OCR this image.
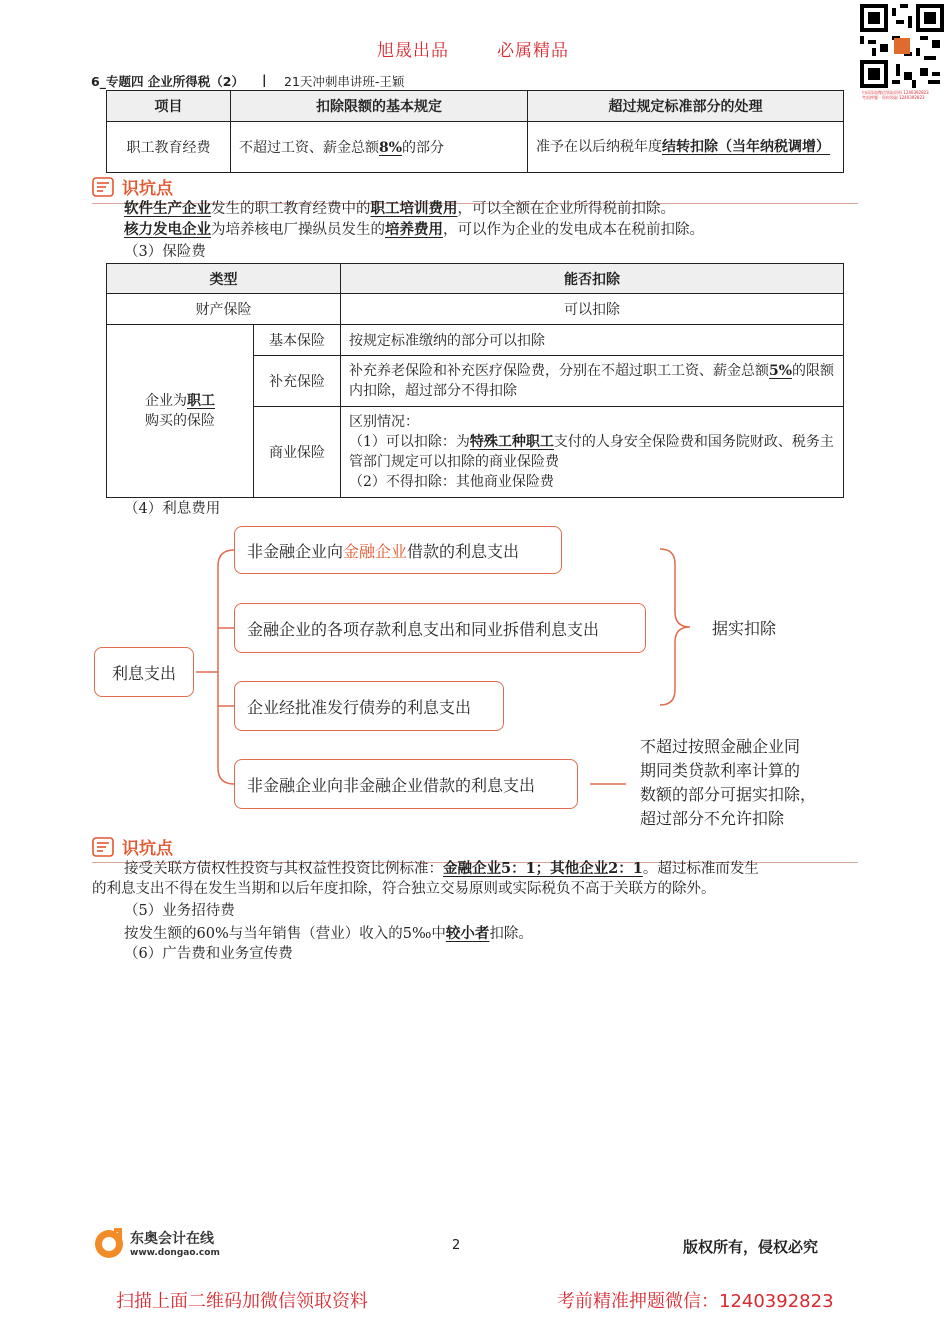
旭晟出品	必属精品
扫码添加微信领取资料 1240392823
考前押题 · 资料领取 1240392823
6_专题四 企业所得税（2） | 21天冲刺串讲班-王颖
项目	扣除限额的基本规定	超过规定标准部分的处理
职工教育经费	不超过工资、薪金总额8%的部分	准予在以后纳税年度结转扣除（当年纳税调增）
识坑点
软件生产企业发生的职工教育经费中的职工培训费用，可以全额在企业所得税前扣除。
核力发电企业为培养核电厂操纵员发生的培养费用，可以作为企业的发电成本在税前扣除。
（3）保险费
类型		能否扣除
财产保险		可以扣除
企业为职工
购买的保险	基本保险	按规定标准缴纳的部分可以扣除
	补充保险	补充养老保险和补充医疗保险费，分别在不超过职工工资、薪金总额5%的限额内扣除，超过部分不得扣除
	商业保险	区别情况：
（1）可以扣除：为特殊工种职工支付的人身安全保险费和国务院财政、税务主管部门规定可以扣除的商业保险费
（2）不得扣除：其他商业保险费
（4）利息费用
利息支出
非金融企业向 金融企业 借款的利息支出
金融企业的各项存款利息支出和同业拆借利息支出
企业经批准发行债券的利息支出
非金融企业向非金融企业借款的利息支出
据实扣除
不超过按照金融企业同
期同类贷款利率计算的
数额的部分可据实扣除，
超过部分不允许扣除
识坑点
接受关联方债权性投资与其权益性投资比例标准：金融企业5：1；其他企业2：1。超过标准而发生
的利息支出不得在发生当期和以后年度扣除，符合独立交易原则或实际税负不高于关联方的除外。
（5）业务招待费
按发生额的60%与当年销售（营业）收入的5‰中较小者扣除。
（6）广告费和业务宣传费
东奥会计在线
www.dongao.com	2	版权所有，侵权必究
扫描上面二维码加微信领取资料	考前精准押题微信：1240392823
